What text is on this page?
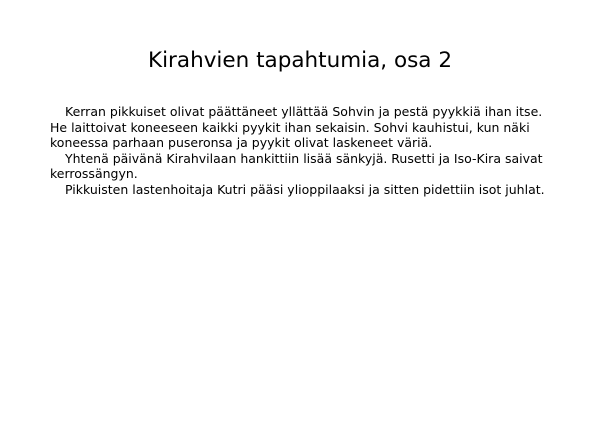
Kirahvien tapahtumia, osa 2

Kerran pikkuiset olivat päättäneet yllättää Sohvin ja pestä pyykkiä ihan itse. He laittoivat koneeseen kaikki pyykit ihan sekaisin. Sohvi kauhistui, kun näki koneessa parhaan puseronsa ja pyykit olivat laskeneet väriä.

Yhtenä päivänä Kirahvilaan hankittiin lisää sänkyjä. Rusetti ja Iso-Kira saivat kerrossängyn.

Pikkuisten lastenhoitaja Kutri pääsi ylioppilaaksi ja sitten pidettiin isot juhlat.
